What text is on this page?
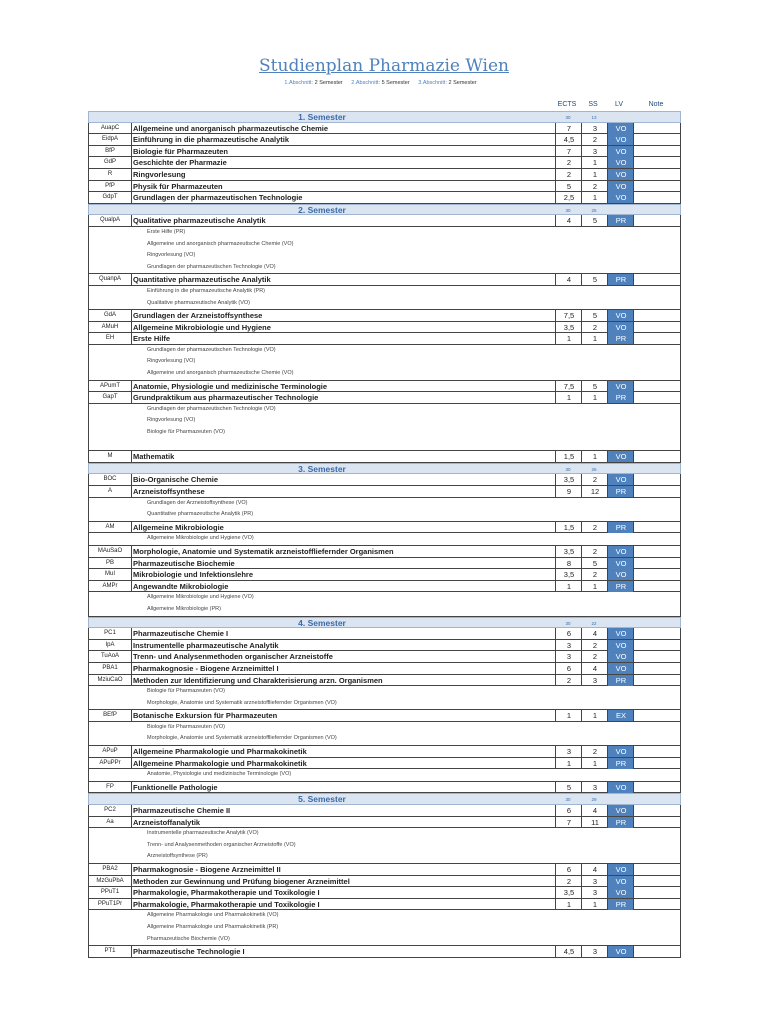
Studienplan Pharmazie Wien
1.Abschnitt: 2 Semester 2.Abschnitt: 5 Semester 3.Abschnitt: 2 Semester
ECTS	SS	LV	Note
1. Semester	30	13
AuapC	Allgemeine und anorganisch pharmazeutische Chemie	7	3	VO
EidpA	Einführung in die pharmazeutische Analytik	4,5	2	VO
BfP	Biologie für Pharmazeuten	7	3	VO
GdP	Geschichte der Pharmazie	2	1	VO
R	Ringvorlesung	2	1	VO
PfP	Physik für Pharmazeuten	5	2	VO
GdpT	Grundlagen der pharmazeutischen Technologie	2,5	1	VO
2. Semester	30	25
QualpA	Qualitative pharmazeutische Analytik	4	5	PR
Erste Hilfe (PR)
Allgemeine und anorganisch pharmazeutische Chemie (VO)
Ringvorlesung (VO)
Grundlagen der pharmazeutischen Technologie (VO)
QuanpA	Quantitative pharmazeutische Analytik	4	5	PR
Einführung in die pharmazeutische Analytik (PR)
Qualitative pharmazeutische Analytik (VO)
GdA	Grundlagen der Arzneistoffsynthese	7,5	5	VO
AMuH	Allgemeine Mikrobiologie und Hygiene	3,5	2	VO
EH	Erste Hilfe	1	1	PR
Grundlagen der pharmazeutischen Technologie (VO)
Ringvorlesung (VO)
Allgemeine und anorganisch pharmazeutische Chemie (VO)
APumT	Anatomie, Physiologie und medizinische Terminologie	7,5	5	VO
GapT	Grundpraktikum aus pharmazeutischer Technologie	1	1	PR
Grundlagen der pharmazeutischen Technologie (VO)
Ringvorlesung (VO)
Biologie für Pharmazeuten (VO)
M	Mathematik	1,5	1	VO
3. Semester	30	26
BOC	Bio-Organische Chemie	3,5	2	VO
A	Arzneistoffsynthese	9	12	PR
Grundlagen der Arzneistoffsynthese (VO)
Quantitative pharmazeutische Analytik (PR)
AM	Allgemeine Mikrobiologie	1,5	2	PR
Allgemeine Mikrobiologie und Hygiene (VO)
MAuSaO	Morphologie, Anatomie und Systematik arzneistoffliefernder Organismen	3,5	2	VO
PB	Pharmazeutische Biochemie	8	5	VO
MuI	Mikrobiologie und Infektionslehre	3,5	2	VO
AMPr	Angewandte Mikrobiologie	1	1	PR
Allgemeine Mikrobiologie und Hygiene (VO)
Allgemeine Mikrobiologie (PR)
4. Semester	30	22
PC1	Pharmazeutische Chemie I	6	4	VO
IpA	Instrumentelle pharmazeutische Analytik	3	2	VO
TuAoA	Trenn- und Analysenmethoden organischer Arzneistoffe	3	2	VO
PBA1	Pharmakognosie - Biogene Arzneimittel I	6	4	VO
MziuCaO	Methoden zur Identifizierung und Charakterisierung arzn. Organismen	2	3	PR
Biologie für Pharmazeuten (VO)
Morphologie, Anatomie und Systematik arzneistoffliefernder Organismen (VO)
BEfP	Botanische Exkursion für Pharmazeuten	1	1	EX
Biologie für Pharmazeuten (VO)
Morphologie, Anatomie und Systematik arzneistoffliefernder Organismen (VO)
APuP	Allgemeine Pharmakologie und Pharmakokinetik	3	2	VO
APuPPr	Allgemeine Pharmakologie und Pharmakokinetik	1	1	PR
Anatomie, Physiologie und medizinische Terminologie (VO)
FP	Funktionelle Pathologie	5	3	VO
5. Semester	30	29
PC2	Pharmazeutische Chemie II	6	4	VO
Aa	Arzneistoffanalytik	7	11	PR
Instrumentelle pharmazeutische Analytik (VO)
Trenn- und Analysenmethoden organischer Arzneistoffe (VO)
Arzneistoffsynthese (PR)
PBA2	Pharmakognosie - Biogene Arzneimittel II	6	4	VO
MzGuPbA	Methoden zur Gewinnung und Prüfung biogener Arzneimittel	2	3	VO
PPuT1	Pharmakologie, Pharmakotherapie und Toxikologie I	3,5	3	VO
PPuT1Pr	Pharmakologie, Pharmakotherapie und Toxikologie I	1	1	PR
Allgemeine Pharmakologie und Pharmakokinetik (VO)
Allgemeine Pharmakologie und Pharmakokinetik (PR)
Pharmazeutische Biochemie (VO)
PT1	Pharmazeutische Technologie I	4,5	3	VO
